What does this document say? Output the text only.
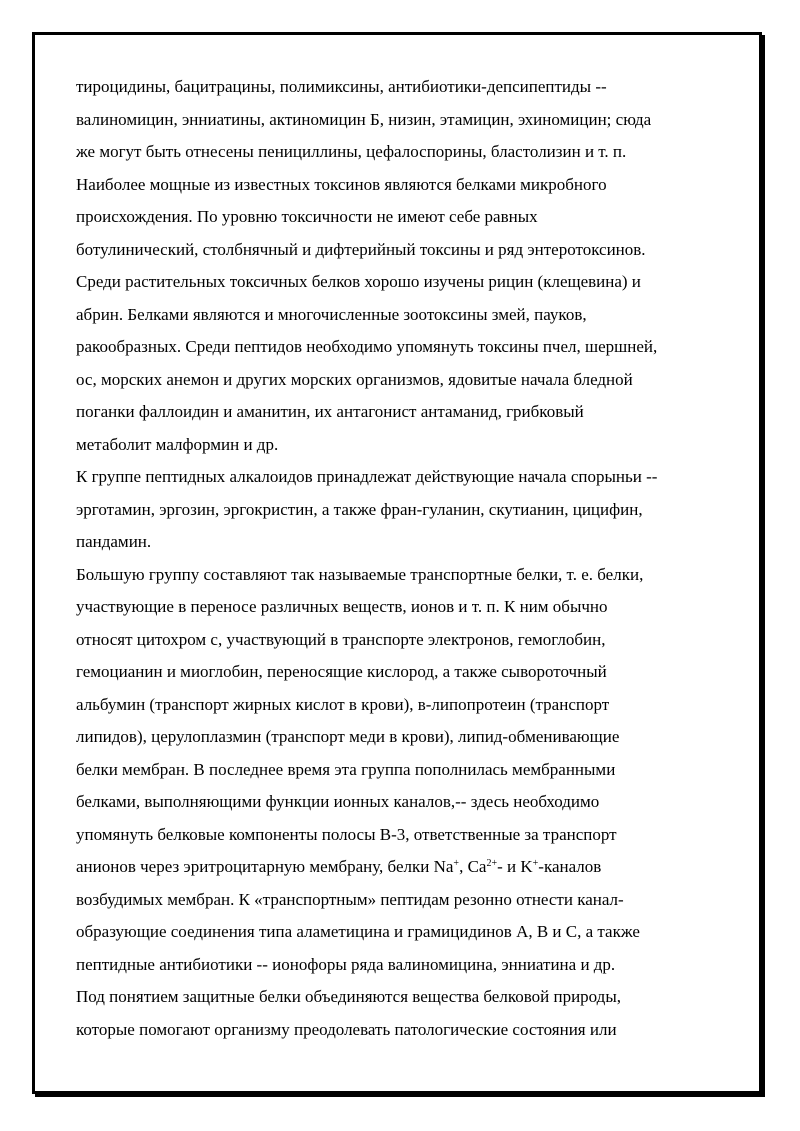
тироцидины, бацитрацины, полимиксины, антибиотики-депсипептиды --
валиномицин, энниатины, актиномицин Б, низин, этамицин, эхиномицин; сюда
же могут быть отнесены пенициллины, цефалоспорины, бластолизин и т. п.
Наиболее мощные из известных токсинов являются белками микробного
происхождения. По уровню токсичности не имеют себе равных
ботулинический, столбнячный и дифтерийный токсины и ряд энтеротоксинов.
Среди растительных токсичных белков хорошо изучены рицин (клещевина) и
абрин. Белками являются и многочисленные зоотоксины змей, пауков,
ракообразных. Среди пептидов необходимо упомянуть токсины пчел, шершней,
ос, морских анемон и других морских организмов, ядовитые начала бледной
поганки фаллоидин и аманитин, их антагонист антаманид, грибковый
метаболит малформин и др.
К группе пептидных алкалоидов принадлежат действующие начала спорыньи --
эрготамин, эргозин, эргокристин, а также фран-гуланин, скутианин, цицифин,
пандамин.
Большую группу составляют так называемые транспортные белки, т. е. белки,
участвующие в переносе различных веществ, ионов и т. п. К ним обычно
относят цитохром с, участвующий в транспорте электронов, гемоглобин,
гемоцианин и миоглобин, переносящие кислород, а также сывороточный
альбумин (транспорт жирных кислот в крови), в-липопротеин (транспорт
липидов), церулоплазмин (транспорт меди в крови), липид-обменивающие
белки мембран. В последнее время эта группа пополнилась мембранными
белками, выполняющими функции ионных каналов,-- здесь необходимо
упомянуть белковые компоненты полосы В-3, ответственные за транспорт
анионов через эритроцитарную мембрану, белки Na+, $Ca^{2+}-$ и K+-каналов
возбудимых мембран. К «транспортным» пептидам резонно отнести канал-
образующие соединения типа аламетицина и грамицидинов А, В и С, а также
пептидные антибиотики -- ионофоры ряда валиномицина, энниатина и др.
Под понятием защитные белки объединяются вещества белковой природы,
которые помогают организму преодолевать патологические состояния или
